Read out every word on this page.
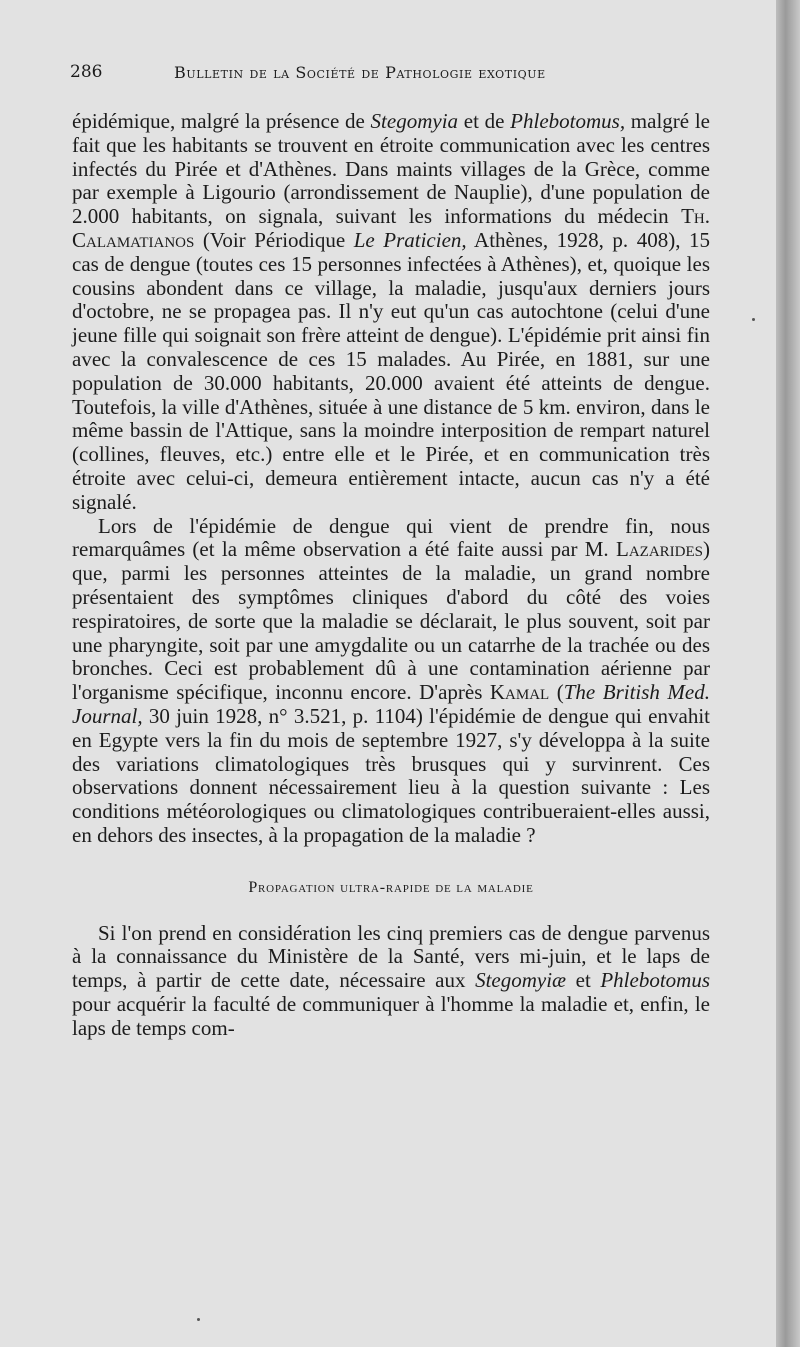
286	Bulletin de la Société de Pathologie exotique

épidémique, malgré la présence de Stegomyia et de Phlebotomus, malgré le fait que les habitants se trouvent en étroite communication avec les centres infectés du Pirée et d'Athènes. Dans maints villages de la Grèce, comme par exemple à Ligourio (arrondissement de Nauplie), d'une population de 2.000 habitants, on signala, suivant les informations du médecin Th. Calamatianos (Voir Périodique Le Praticien, Athènes, 1928, p. 408), 15 cas de dengue (toutes ces 15 personnes infectées à Athènes), et, quoique les cousins abondent dans ce village, la maladie, jusqu'aux derniers jours d'octobre, ne se propagea pas. Il n'y eut qu'un cas autochtone (celui d'une jeune fille qui soignait son frère atteint de dengue). L'épidémie prit ainsi fin avec la convalescence de ces 15 malades. Au Pirée, en 1881, sur une population de 30.000 habitants, 20.000 avaient été atteints de dengue. Toutefois, la ville d'Athènes, située à une distance de 5 km. environ, dans le même bassin de l'Attique, sans la moindre interposition de rempart naturel (collines, fleuves, etc.) entre elle et le Pirée, et en communication très étroite avec celui-ci, demeura entièrement intacte, aucun cas n'y a été signalé.

Lors de l'épidémie de dengue qui vient de prendre fin, nous remarquâmes (et la même observation a été faite aussi par M. Lazarides) que, parmi les personnes atteintes de la maladie, un grand nombre présentaient des symptômes cliniques d'abord du côté des voies respiratoires, de sorte que la maladie se déclarait, le plus souvent, soit par une pharyngite, soit par une amygdalite ou un catarrhe de la trachée ou des bronches. Ceci est probablement dû à une contamination aérienne par l'organisme spécifique, inconnu encore. D'après Kamal (The British Med. Journal, 30 juin 1928, n° 3.521, p. 1104) l'épidémie de dengue qui envahit en Egypte vers la fin du mois de septembre 1927, s'y développa à la suite des variations climatologiques très brusques qui y survinrent. Ces observations donnent nécessairement lieu à la question suivante : Les conditions météorologiques ou climatologiques contribueraient-elles aussi, en dehors des insectes, à la propagation de la maladie ?

Propagation ultra-rapide de la maladie

Si l'on prend en considération les cinq premiers cas de dengue parvenus à la connaissance du Ministère de la Santé, vers mi-juin, et le laps de temps, à partir de cette date, nécessaire aux Stegomyiæ et Phlebotomus pour acquérir la faculté de communiquer à l'homme la maladie et, enfin, le laps de temps com-
